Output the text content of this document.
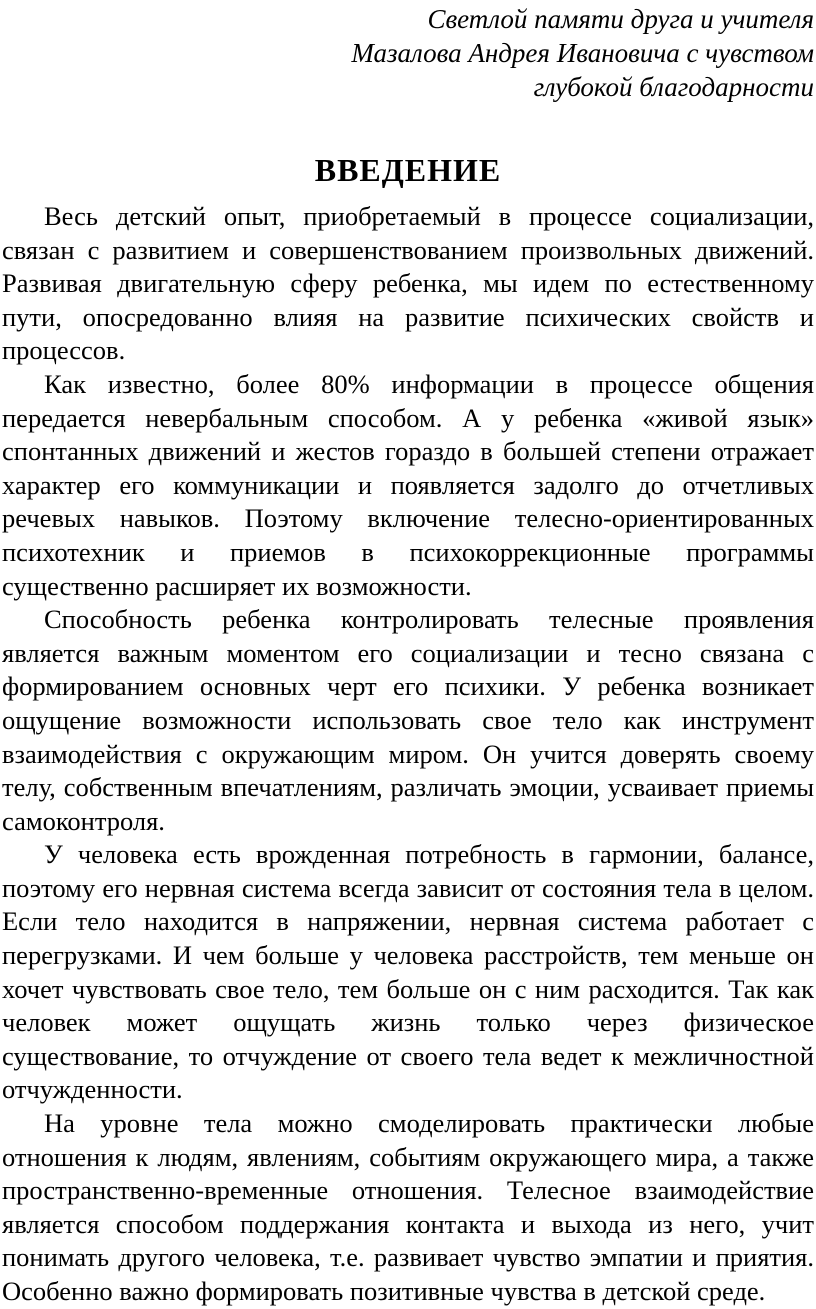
Светлой памяти друга и учителя
Мазалова Андрея Ивановича с чувством
глубокой благодарности
ВВЕДЕНИЕ

Весь детский опыт, приобретаемый в процессе социализации, связан с развитием и совершенствованием произвольных движений. Развивая двигательную сферу ребенка, мы идем по естественному пути, опосредованно влияя на развитие психических свойств и процессов.

Как известно, более 80% информации в процессе общения передается невербальным способом. А у ребенка «живой язык» спонтанных движений и жестов гораздо в большей степени отражает характер его коммуникации и появляется задолго до отчетливых речевых навыков. Поэтому включение телесно-ориентированных психотехник и приемов в психокоррекционные программы существенно расширяет их возможности.

Способность ребенка контролировать телесные проявления является важным моментом его социализации и тесно связана с формированием основных черт его психики. У ребенка возникает ощущение возможности использовать свое тело как инструмент взаимодействия с окружающим миром. Он учится доверять своему телу, собственным впечатлениям, различать эмоции, усваивает приемы самоконтроля.

У человека есть врожденная потребность в гармонии, балансе, поэтому его нервная система всегда зависит от состояния тела в целом. Если тело находится в напряжении, нервная система работает с перегрузками. И чем больше у человека расстройств, тем меньше он хочет чувствовать свое тело, тем больше он с ним расходится. Так как человек может ощущать жизнь только через физическое существование, то отчуждение от своего тела ведет к межличностной отчужденности.

На уровне тела можно смоделировать практически любые отношения к людям, явлениям, событиям окружающего мира, а также пространственно-временные отношения. Телесное взаимодействие является способом поддержания контакта и выхода из него, учит понимать другого человека, т.е. развивает чувство эмпатии и приятия. Особенно важно формировать позитивные чувства в детской среде.
